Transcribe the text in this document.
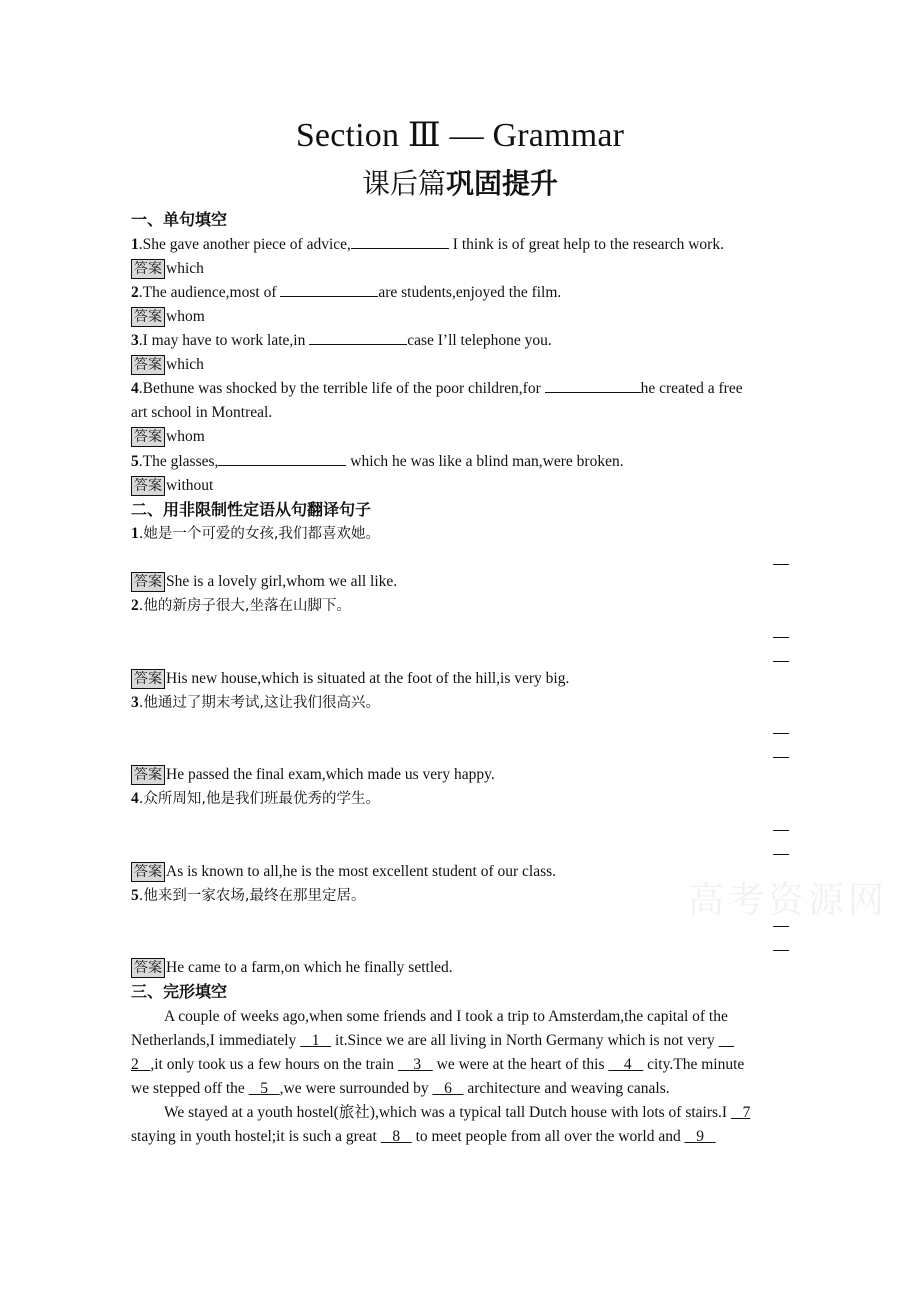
Section Ⅲ — Grammar
课后篇巩固提升
一、单句填空
1.She gave another piece of advice,	I think is of great help to the research work.
答案 which
2.The audience,most of	are students,enjoyed the film.
答案 whom
3.I may have to work late,in	case I’ll telephone you.
答案 which
4.Bethune was shocked by the terrible life of the poor children,for	he created a free
art school in Montreal.
答案 whom
5.The glasses,	which he was like a blind man,were broken.
答案 without
二、用非限制性定语从句翻译句子
1.她是一个可爱的女孩,我们都喜欢她。
答案 She is a lovely girl,whom we all like.
2.他的新房子很大,坐落在山脚下。
答案 His new house,which is situated at the foot of the hill,is very big.
3.他通过了期末考试,这让我们很高兴。
答案 He passed the final exam,which made us very happy.
4.众所周知,他是我们班最优秀的学生。
答案 As is known to all,he is the most excellent student of our class.
5.他来到一家农场,最终在那里定居。
答案 He came to a farm,on which he finally settled.
三、完形填空
A couple of weeks ago,when some friends and I took a trip to Amsterdam,the capital of the
Netherlands,I immediately    1    it.Since we are all living in North Germany which is not very
2 ,it only took us a few hours on the train     3    we were at the heart of this     4    city.The minute
we stepped off the    5 ,we were surrounded by    6    architecture and weaving canals.
We stayed at a youth hostel(旅社),which was a typical tall Dutch house with lots of stairs.I    7
staying in youth hostel;it is such a great    8    to meet people from all over the world and    9
高考资源网
